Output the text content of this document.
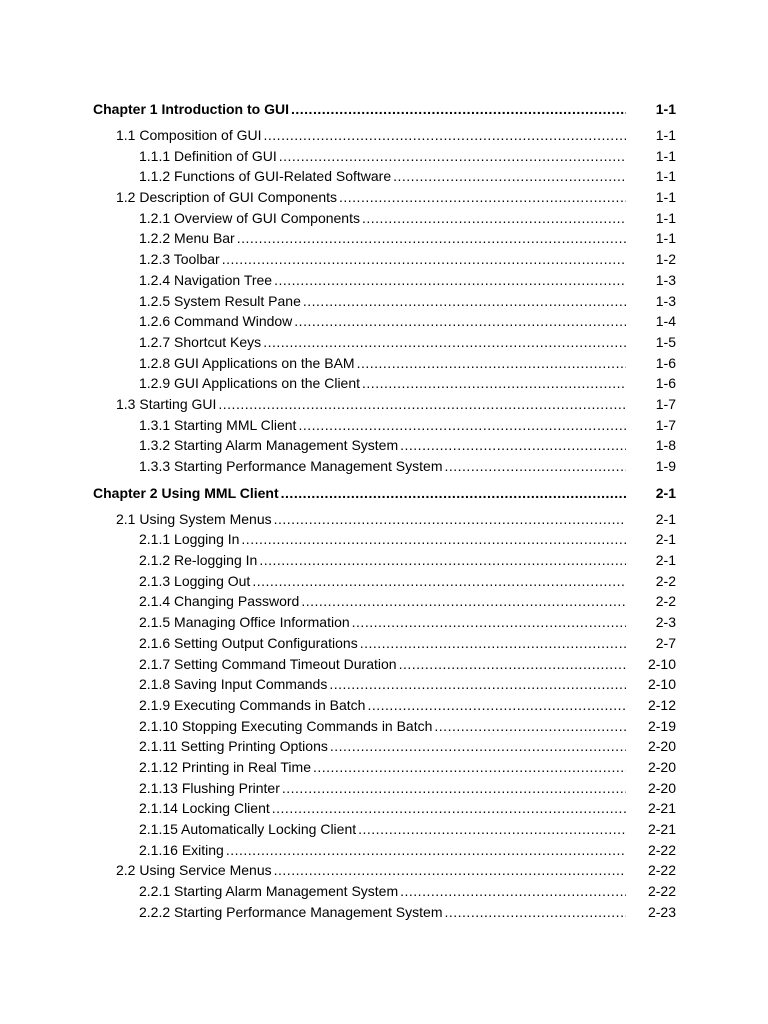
Chapter 1 Introduction to GUI .....	1-1
1.1 Composition of GUI .....	1-1
1.1.1 Definition of GUI .....	1-1
1.1.2 Functions of GUI-Related Software .....	1-1
1.2 Description of GUI Components .....	1-1
1.2.1 Overview of GUI Components .....	1-1
1.2.2 Menu Bar .....	1-1
1.2.3 Toolbar .....	1-2
1.2.4 Navigation Tree .....	1-3
1.2.5 System Result Pane .....	1-3
1.2.6 Command Window .....	1-4
1.2.7 Shortcut Keys .....	1-5
1.2.8 GUI Applications on the BAM .....	1-6
1.2.9 GUI Applications on the Client .....	1-6
1.3 Starting GUI .....	1-7
1.3.1 Starting MML Client .....	1-7
1.3.2 Starting Alarm Management System .....	1-8
1.3.3 Starting Performance Management System .....	1-9
Chapter 2 Using MML Client .....	2-1
2.1 Using System Menus .....	2-1
2.1.1 Logging In .....	2-1
2.1.2 Re-logging In .....	2-1
2.1.3 Logging Out .....	2-2
2.1.4 Changing Password .....	2-2
2.1.5 Managing Office Information .....	2-3
2.1.6 Setting Output Configurations .....	2-7
2.1.7 Setting Command Timeout Duration .....	2-10
2.1.8 Saving Input Commands .....	2-10
2.1.9 Executing Commands in Batch .....	2-12
2.1.10 Stopping Executing Commands in Batch .....	2-19
2.1.11 Setting Printing Options .....	2-20
2.1.12 Printing in Real Time .....	2-20
2.1.13 Flushing Printer .....	2-20
2.1.14 Locking Client .....	2-21
2.1.15 Automatically Locking Client .....	2-21
2.1.16 Exiting .....	2-22
2.2 Using Service Menus .....	2-22
2.2.1 Starting Alarm Management System .....	2-22
2.2.2 Starting Performance Management System .....	2-23
